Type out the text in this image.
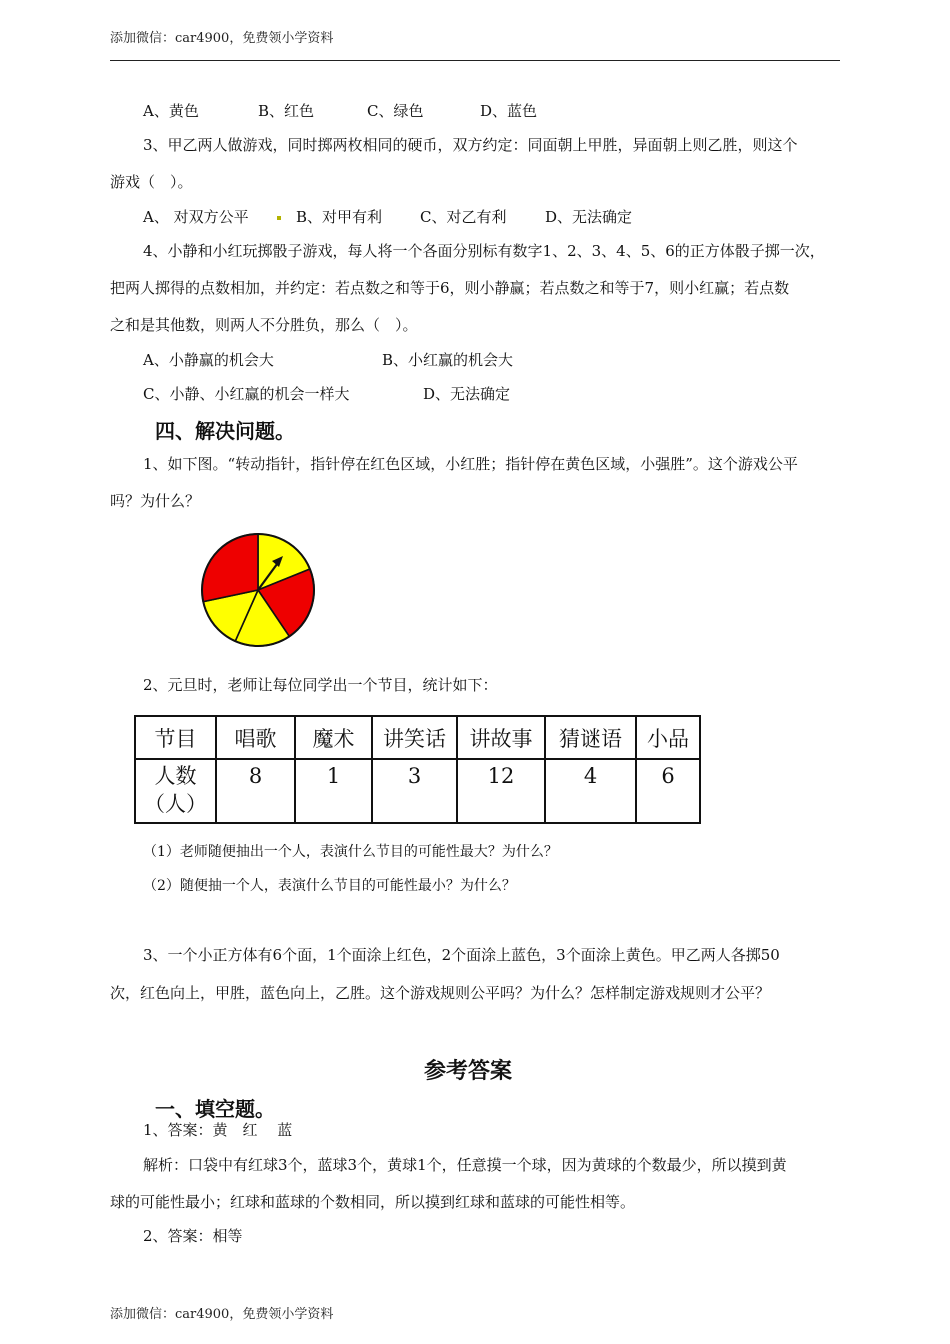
添加微信：car4900，免费领小学资料
A、黄色	B、红色	C、绿色	D、蓝色
3、甲乙两人做游戏，同时掷两枚相同的硬币，双方约定：同面朝上甲胜，异面朝上则乙胜，则这个
游戏（　）。
A、 对双方公平	B、对甲有利	C、对乙有利	D、无法确定
4、小静和小红玩掷骰子游戏，每人将一个各面分别标有数字1、2、3、4、5、6的正方体骰子掷一次，
把两人掷得的点数相加，并约定：若点数之和等于6，则小静赢；若点数之和等于7，则小红赢；若点数
之和是其他数，则两人不分胜负，那么（　）。
A、小静赢的机会大	B、小红赢的机会大
C、小静、小红赢的机会一样大	D、无法确定
四、解决问题。
1、如下图。“转动指针，指针停在红色区域，小红胜；指针停在黄色区域，小强胜”。这个游戏公平
吗？为什么？
2、元旦时，老师让每位同学出一个节目，统计如下：
节目	唱歌	魔术	讲笑话	讲故事	猜谜语	小品

人数
（人）	8	1	3	12	4	6
（1）老师随便抽出一个人，表演什么节目的可能性最大？为什么？
（2）随便抽一个人，表演什么节目的可能性最小？为什么？
3、一个小正方体有6个面，1个面涂上红色，2个面涂上蓝色，3个面涂上黄色。甲乙两人各掷50
次，红色向上，甲胜，蓝色向上，乙胜。这个游戏规则公平吗？为什么？怎样制定游戏规则才公平？
参考答案
一、填空题。
1、答案：黄　红　 蓝
解析：口袋中有红球3个，蓝球3个，黄球1个，任意摸一个球，因为黄球的个数最少，所以摸到黄
球的可能性最小；红球和蓝球的个数相同，所以摸到红球和蓝球的可能性相等。
2、答案：相等
添加微信：car4900，免费领小学资料
